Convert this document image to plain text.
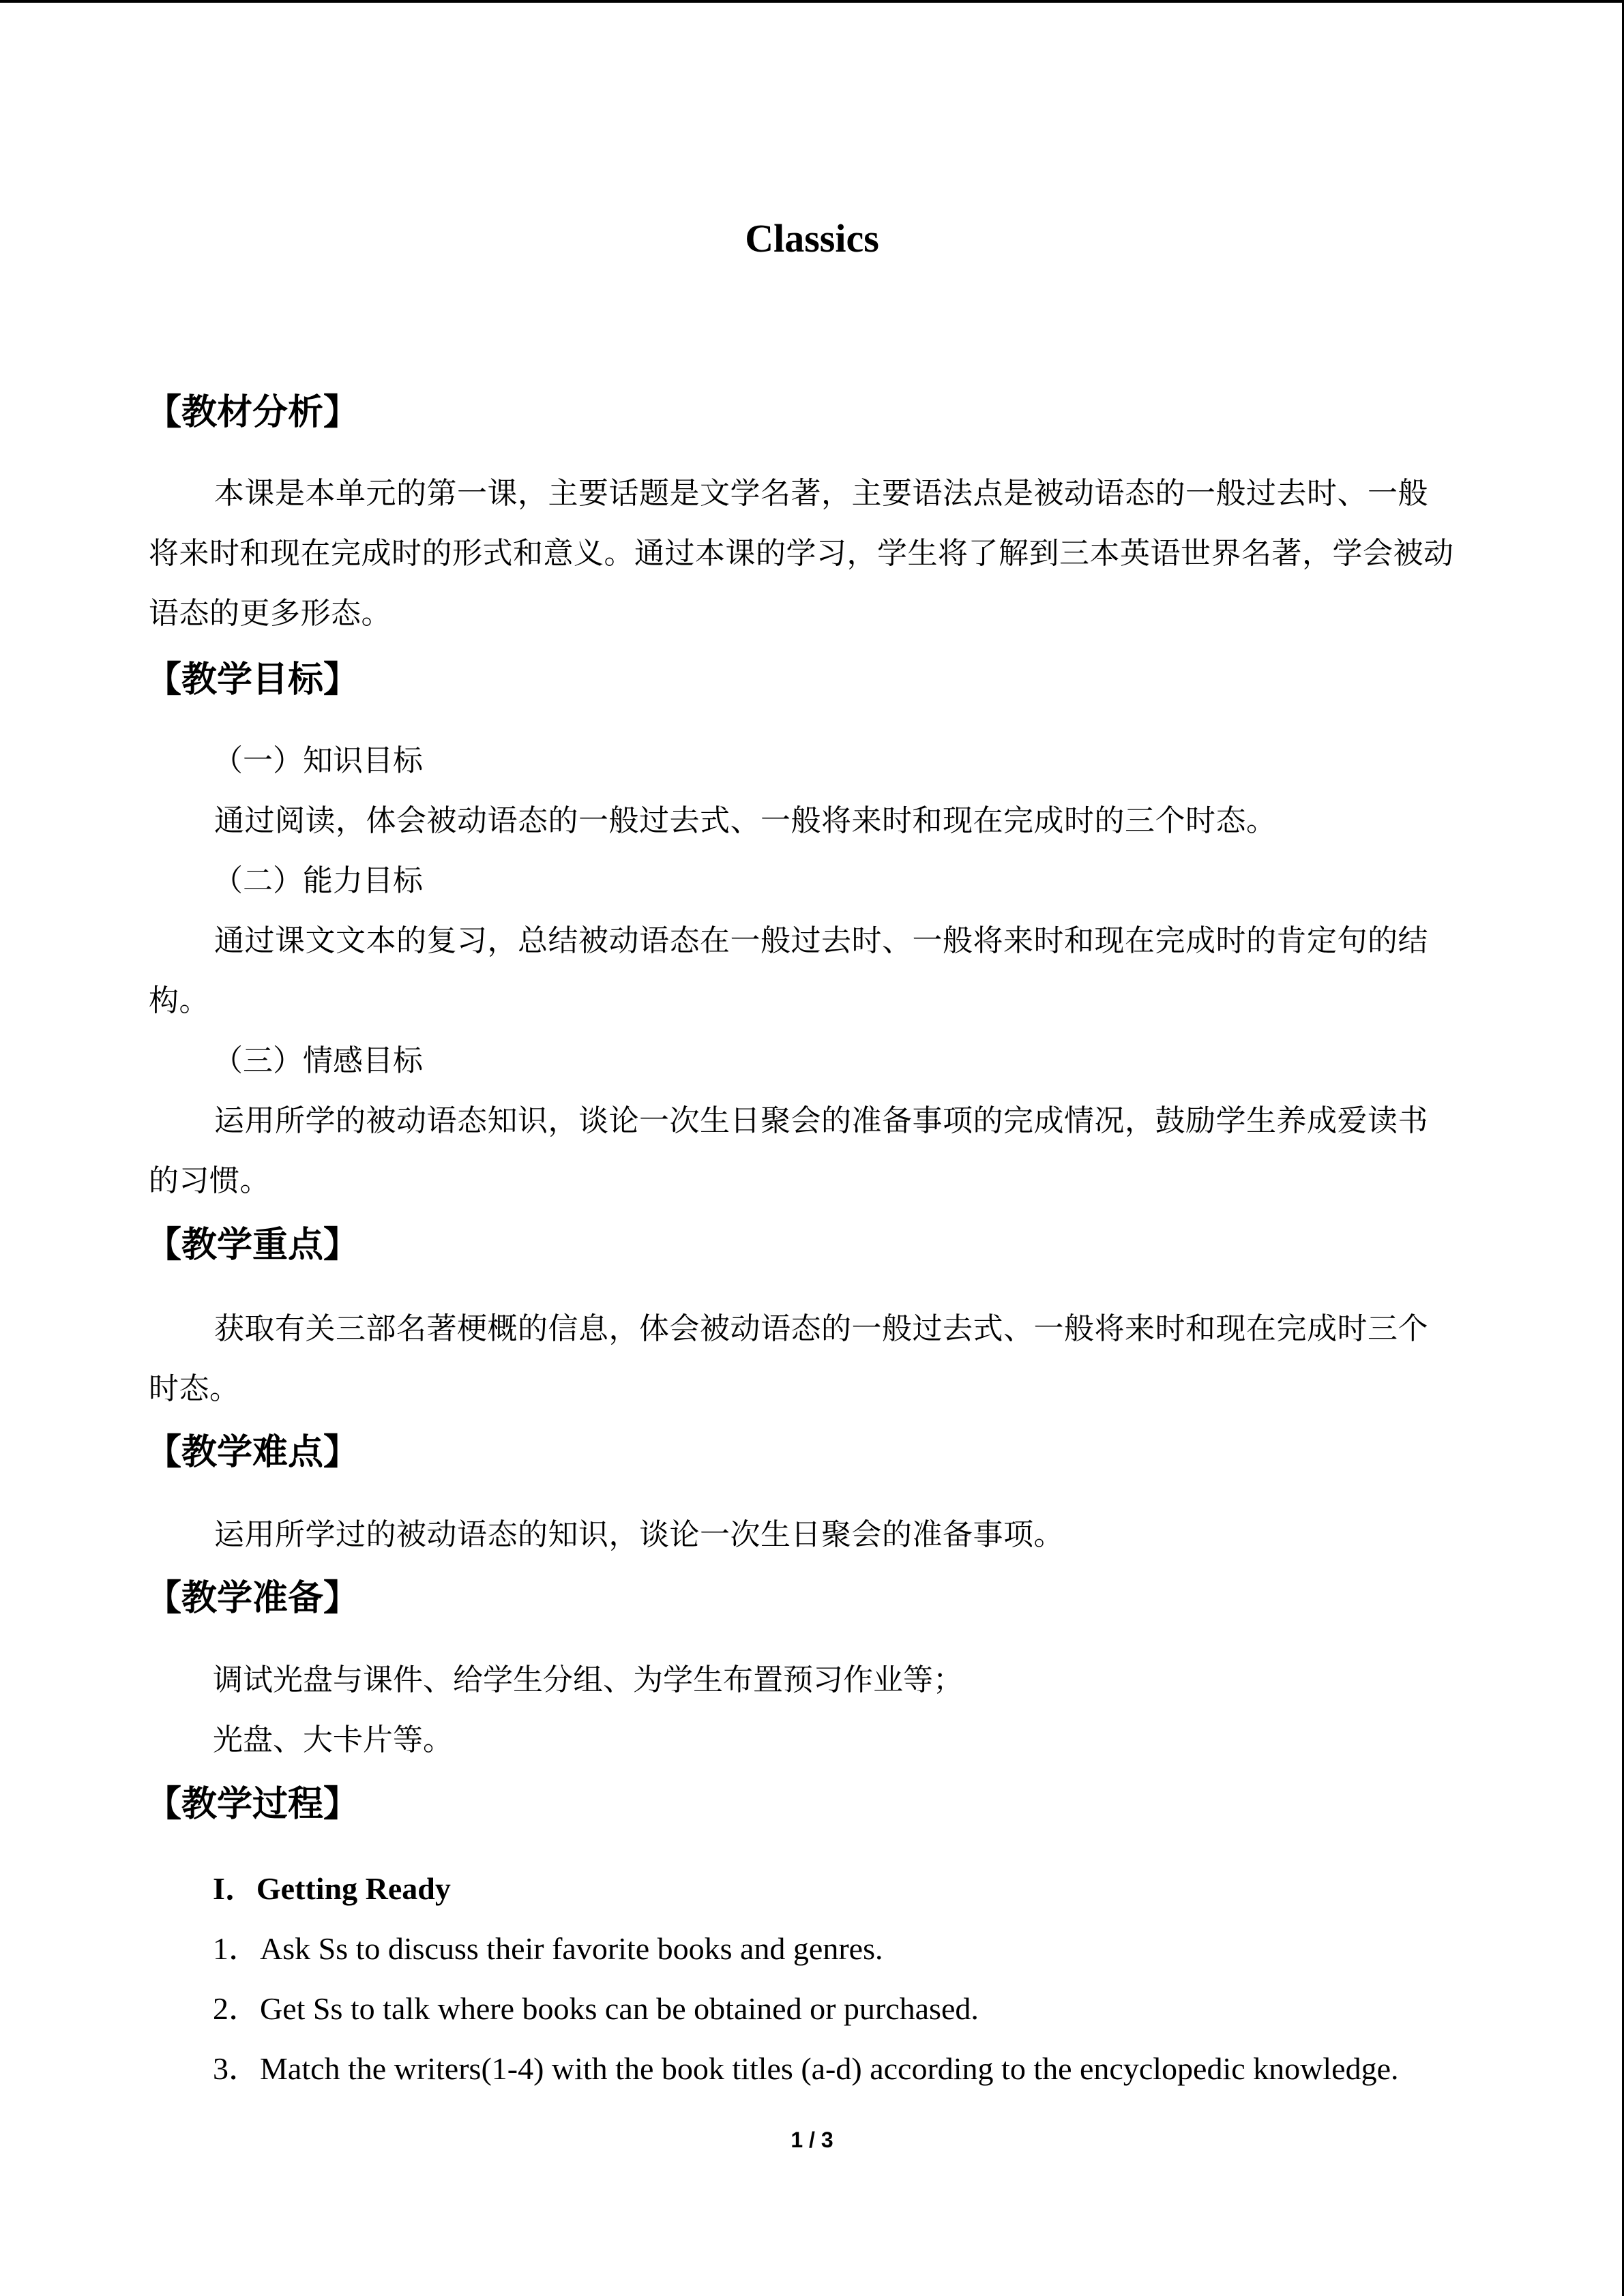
Classics
【教材分析】
本课是本单元的第一课，主要话题是文学名著，主要语法点是被动语态的一般过去时、一般将来时和现在完成时的形式和意义。通过本课的学习，学生将了解到三本英语世界名著，学会被动语态的更多形态。
【教学目标】
（一）知识目标
通过阅读，体会被动语态的一般过去式、一般将来时和现在完成时的三个时态。
（二）能力目标
通过课文文本的复习，总结被动语态在一般过去时、一般将来时和现在完成时的肯定句的结构。
（三）情感目标
运用所学的被动语态知识，谈论一次生日聚会的准备事项的完成情况，鼓励学生养成爱读书的习惯。
【教学重点】
获取有关三部名著梗概的信息，体会被动语态的一般过去式、一般将来时和现在完成时三个时态。
【教学难点】
运用所学过的被动语态的知识，谈论一次生日聚会的准备事项。
【教学准备】
调试光盘与课件、给学生分组、为学生布置预习作业等；
光盘、大卡片等。
【教学过程】
I．Getting Ready
1．Ask Ss to discuss their favorite books and genres.
2．Get Ss to talk where books can be obtained or purchased.
3．Match the writers(1-4) with the book titles (a-d) according to the encyclopedic knowledge.
1 / 3
